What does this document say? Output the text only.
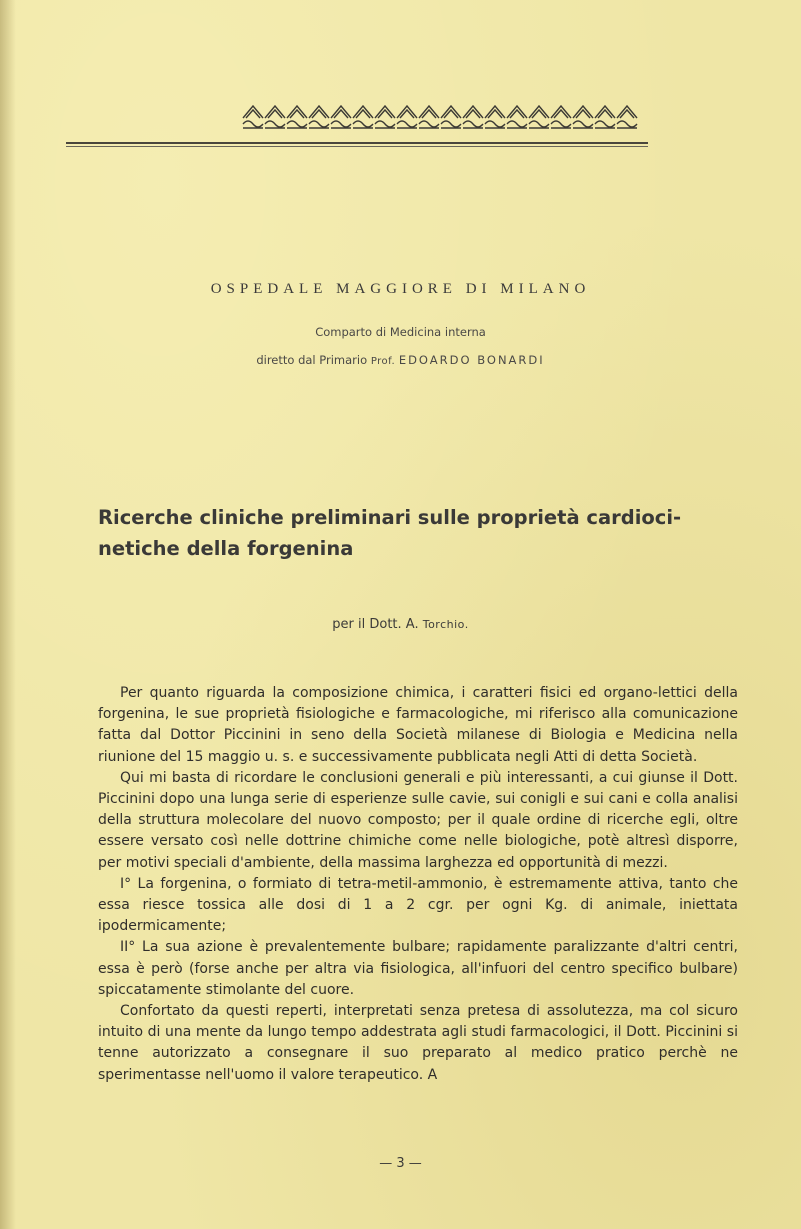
OSPEDALE MAGGIORE DI MILANO
Comparto di Medicina interna
diretto dal Primario Prof. EDOARDO BONARDI
Ricerche cliniche preliminari sulle proprietà cardioci-
netiche della forgenina
per il Dott. A. Torchio.

Per quanto riguarda la composizione chimica, i caratteri fisici ed organo-lettici della forgenina, le sue proprietà fisiologiche e farmacologiche, mi riferisco alla comunicazione fatta dal Dottor Piccinini in seno della Società milanese di Biologia e Medicina nella riunione del 15 maggio u. s. e successivamente pubblicata negli Atti di detta Società.

Qui mi basta di ricordare le conclusioni generali e più interessanti, a cui giunse il Dott. Piccinini dopo una lunga serie di esperienze sulle cavie, sui conigli e sui cani e colla analisi della struttura molecolare del nuovo composto; per il quale ordine di ricerche egli, oltre essere versato così nelle dottrine chimiche come nelle biologiche, potè altresì disporre, per motivi speciali d'ambiente, della massima larghezza ed opportunità di mezzi.

I° La forgenina, o formiato di tetra-metil-ammonio, è estremamente attiva, tanto che essa riesce tossica alle dosi di 1 a 2 cgr. per ogni Kg. di animale, iniettata ipodermicamente;

II° La sua azione è prevalentemente bulbare; rapidamente paralizzante d'altri centri, essa è però (forse anche per altra via fisiologica, all'infuori del centro specifico bulbare) spiccatamente stimolante del cuore.

Confortato da questi reperti, interpretati senza pretesa di assolutezza, ma col sicuro intuito di una mente da lungo tempo addestrata agli studi farmacologici, il Dott. Piccinini si tenne autorizzato a consegnare il suo preparato al medico pratico perchè ne sperimentasse nell'uomo il valore terapeutico. A

— 3 —
